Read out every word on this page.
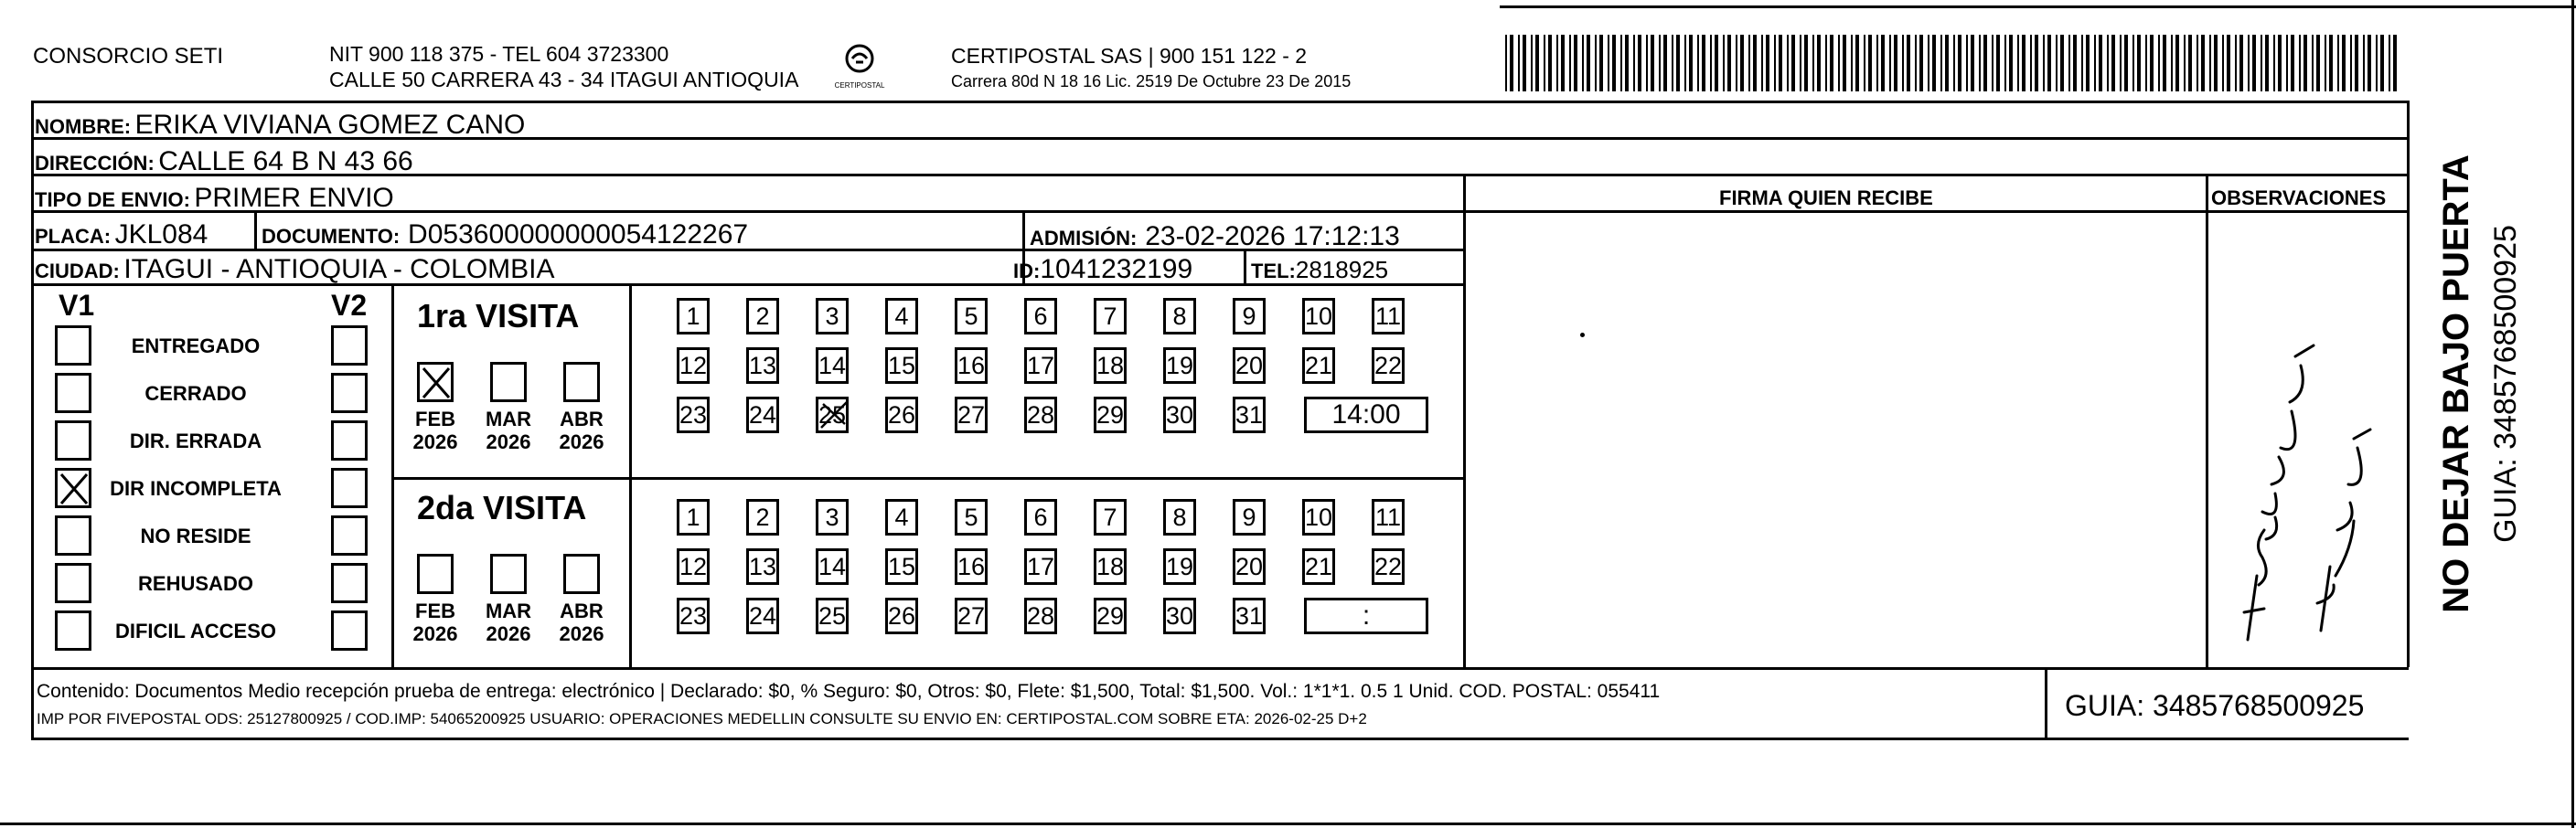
CONSORCIO SETI	NIT 900 118 375 - TEL 604 3723300
CALLE 50 CARRERA 43 - 34 ITAGUI ANTIOQUIA	CERTIPOSTAL
CERTIPOSTAL SAS | 900 151 122 - 2
Carrera 80d N 18 16 Lic. 2519 De Octubre 23 De 2015
NOMBRE: ERIKA VIVIANA GOMEZ CANO
DIRECCIÓN: CALLE 64 B N 43 66
TIPO DE ENVIO: PRIMER ENVIO	FIRMA QUIEN RECIBE	OBSERVACIONES
PLACA: JKL084	DOCUMENTO: D053600000000054122267	ADMISIÓN: 23-02-2026 17:12:13
CIUDAD: ITAGUI - ANTIOQUIA - COLOMBIA	ID:1041232199	TEL:2818925
V1	V2
ENTREGADO
CERRADO
DIR. ERRADA
DIR INCOMPLETA
NO RESIDE
REHUSADO
DIFICIL ACCESO
1ra VISITA
FEB
2026
MAR
2026
ABR
2026
1	2	3	4	5	6	7	8	9	10 11
12 13 14 15 16 17 18 19 20 21 22
23 24 25 26 27 28 29 30 31	14:00
2da VISITA
FEB
2026
MAR
2026
ABR
2026
1	2	3	4	5	6	7	8	9	10 11
12 13 14 15 16 17 18 19 20 21 22
23 24 25 26 27 28 29 30 31	:
Contenido: Documentos Medio recepción prueba de entrega: electrónico | Declarado: $0, % Seguro: $0, Otros: $0, Flete: $1,500, Total: $1,500. Vol.: 1*1*1. 0.5 1 Unid. COD. POSTAL: 055411
IMP POR FIVEPOSTAL ODS: 25127800925 / COD.IMP: 54065200925 USUARIO: OPERACIONES MEDELLIN CONSULTE SU ENVIO EN: CERTIPOSTAL.COM SOBRE ETA: 2026-02-25 D+2	GUIA: 3485768500925
NO DEJAR BAJO PUERTA GUIA: 3485768500925
